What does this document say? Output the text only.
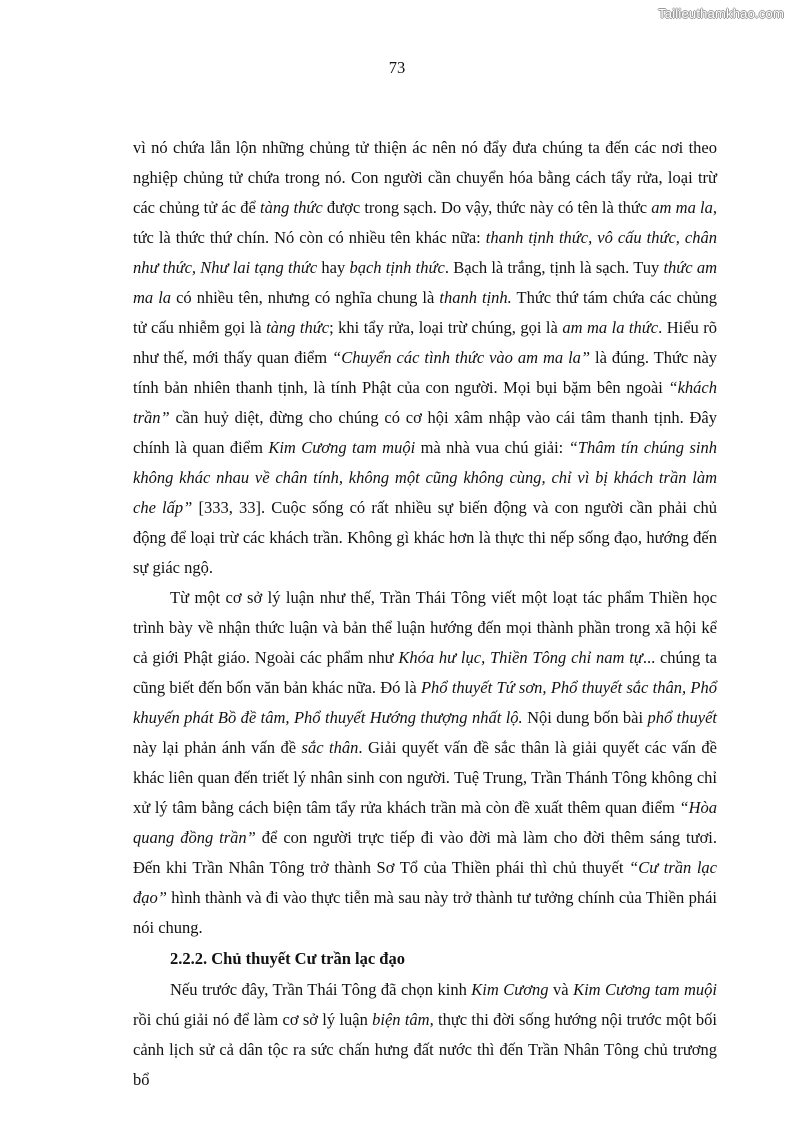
Tailieuthamkhao.com
73

vì nó chứa lẫn lộn những chủng tử thiện ác nên nó đẩy đưa chúng ta đến các nơi theo nghiệp chủng tử chứa trong nó. Con người cần chuyển hóa bằng cách tẩy rửa, loại trừ các chủng tử ác để tàng thức được trong sạch. Do vậy, thức này có tên là thức am ma la, tức là thức thứ chín. Nó còn có nhiều tên khác nữa: thanh tịnh thức, vô cấu thức, chân như thức, Như lai tạng thức hay bạch tịnh thức. Bạch là trắng, tịnh là sạch. Tuy thức am ma la có nhiều tên, nhưng có nghĩa chung là thanh tịnh. Thức thứ tám chứa các chủng tử cấu nhiễm gọi là tàng thức; khi tẩy rửa, loại trừ chúng, gọi là am ma la thức. Hiểu rõ như thế, mới thấy quan điểm “Chuyển các tình thức vào am ma la” là đúng. Thức này tính bản nhiên thanh tịnh, là tính Phật của con người. Mọi bụi bặm bên ngoài “khách trần” cần huỷ diệt, đừng cho chúng có cơ hội xâm nhập vào cái tâm thanh tịnh. Đây chính là quan điểm Kim Cương tam muội mà nhà vua chú giải: “Thâm tín chúng sinh không khác nhau về chân tính, không một cũng không cùng, chỉ vì bị khách trần làm che lấp” [333, 33]. Cuộc sống có rất nhiều sự biến động và con người cần phải chủ động để loại trừ các khách trần. Không gì khác hơn là thực thi nếp sống đạo, hướng đến sự giác ngộ.

Từ một cơ sở lý luận như thế, Trần Thái Tông viết một loạt tác phẩm Thiền học trình bày về nhận thức luận và bản thể luận hướng đến mọi thành phần trong xã hội kể cả giới Phật giáo. Ngoài các phẩm như Khóa hư lục, Thiền Tông chỉ nam tự... chúng ta cũng biết đến bốn văn bản khác nữa. Đó là Phổ thuyết Tứ sơn, Phổ thuyết sắc thân, Phổ khuyến phát Bồ đề tâm, Phổ thuyết Hướng thượng nhất lộ. Nội dung bốn bài phổ thuyết này lại phản ánh vấn đề sắc thân. Giải quyết vấn đề sắc thân là giải quyết các vấn đề khác liên quan đến triết lý nhân sinh con người. Tuệ Trung, Trần Thánh Tông không chỉ xử lý tâm bằng cách biện tâm tẩy rửa khách trần mà còn đề xuất thêm quan điểm “Hòa quang đồng trần” để con người trực tiếp đi vào đời mà làm cho đời thêm sáng tươi. Đến khi Trần Nhân Tông trở thành Sơ Tổ của Thiền phái thì chủ thuyết “Cư trần lạc đạo” hình thành và đi vào thực tiễn mà sau này trở thành tư tưởng chính của Thiền phái nói chung.

2.2.2. Chủ thuyết Cư trần lạc đạo

Nếu trước đây, Trần Thái Tông đã chọn kinh Kim Cương và Kim Cương tam muội rồi chú giải nó để làm cơ sở lý luận biện tâm, thực thi đời sống hướng nội trước một bối cảnh lịch sử cả dân tộc ra sức chấn hưng đất nước thì đến Trần Nhân Tông chủ trương bổ
